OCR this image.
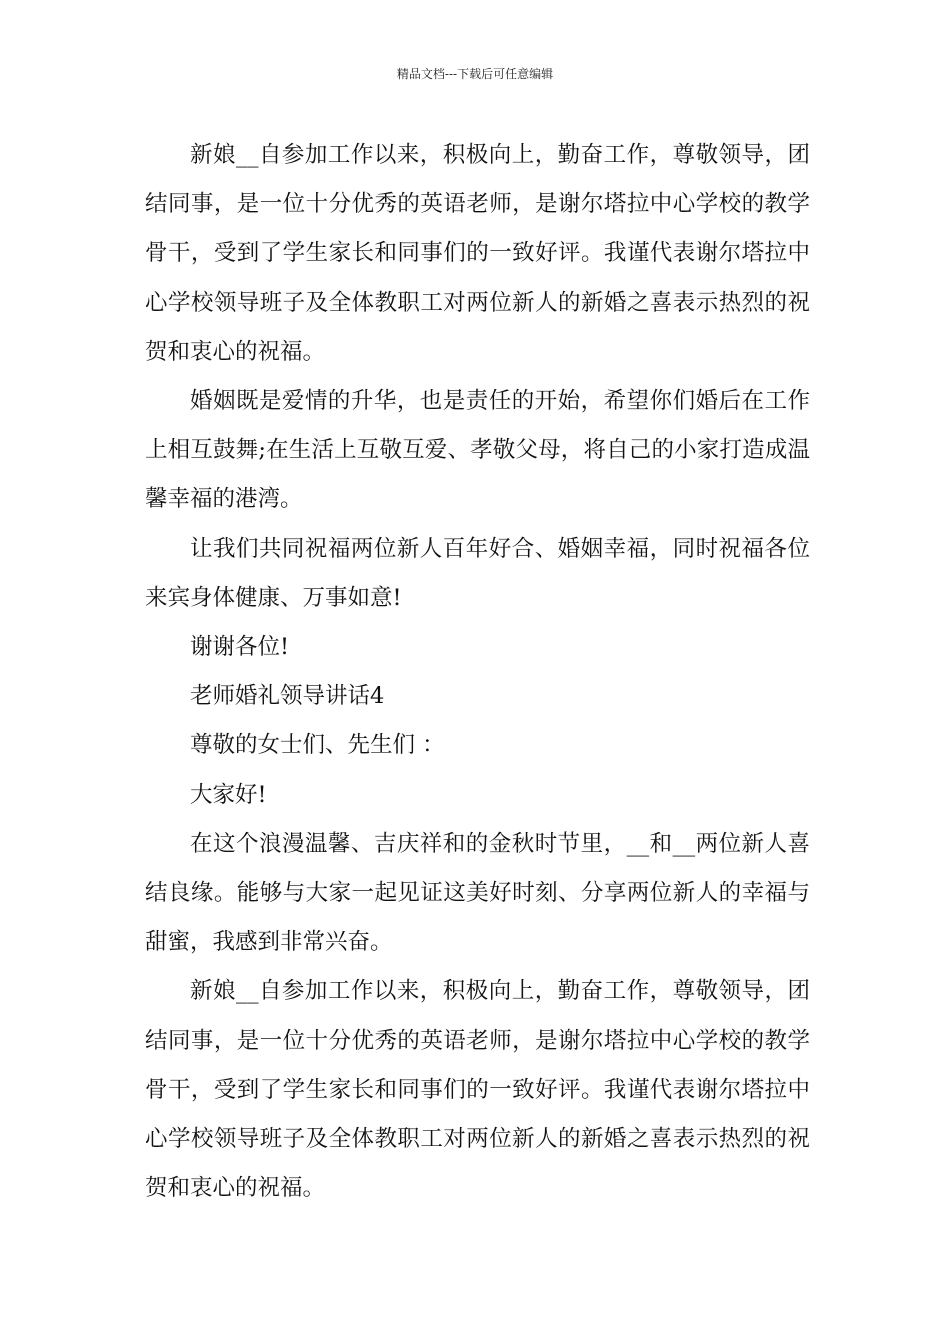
精品文档---下载后可任意编辑

新娘__自参加工作以来，积极向上，勤奋工作，尊敬领导，团结同事，是一位十分优秀的英语老师，是谢尔塔拉中心学校的教学骨干，受到了学生家长和同事们的一致好评。我谨代表谢尔塔拉中心学校领导班子及全体教职工对两位新人的新婚之喜表示热烈的祝贺和衷心的祝福。

婚姻既是爱情的升华，也是责任的开始，希望你们婚后在工作上相互鼓舞;在生活上互敬互爱、孝敬父母，将自己的小家打造成温馨幸福的港湾。

让我们共同祝福两位新人百年好合、婚姻幸福，同时祝福各位来宾身体健康、万事如意!

谢谢各位!

老师婚礼领导讲话4

尊敬的女士们、先生们 ：

大家好!

在这个浪漫温馨、吉庆祥和的金秋时节里，__和__两位新人喜结良缘。能够与大家一起见证这美好时刻、分享两位新人的幸福与甜蜜，我感到非常兴奋。

新娘__自参加工作以来，积极向上，勤奋工作，尊敬领导，团结同事，是一位十分优秀的英语老师，是谢尔塔拉中心学校的教学骨干，受到了学生家长和同事们的一致好评。我谨代表谢尔塔拉中心学校领导班子及全体教职工对两位新人的新婚之喜表示热烈的祝贺和衷心的祝福。
